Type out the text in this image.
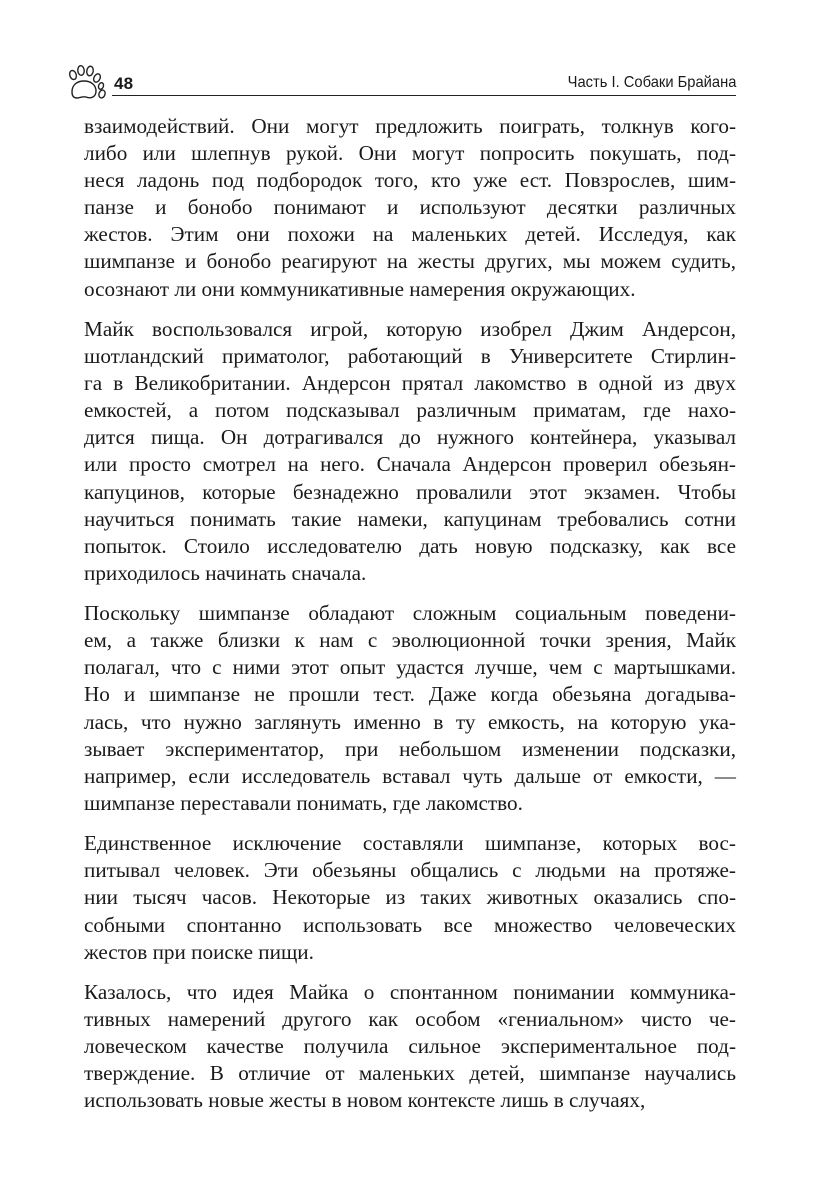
48	Часть I. Собаки Брайана

взаимодействий. Они могут предложить поиграть, толкнув кого-
либо или шлепнув рукой. Они могут попросить покушать, под-
неся ладонь под подбородок того, кто уже ест. Повзрослев, шим-
панзе и бонобо понимают и используют десятки различных
жестов. Этим они похожи на маленьких детей. Исследуя, как
шимпанзе и бонобо реагируют на жесты других, мы можем судить,
осознают ли они коммуникативные намерения окружающих.

Майк воспользовался игрой, которую изобрел Джим Андерсон,
шотландский приматолог, работающий в Университете Стирлин-
га в Великобритании. Андерсон прятал лакомство в одной из двух
емкостей, а потом подсказывал различным приматам, где нахо-
дится пища. Он дотрагивался до нужного контейнера, указывал
или просто смотрел на него. Сначала Андерсон проверил обезьян-
капуцинов, которые безнадежно провалили этот экзамен. Чтобы
научиться понимать такие намеки, капуцинам требовались сотни
попыток. Стоило исследователю дать новую подсказку, как все
приходилось начинать сначала.

Поскольку шимпанзе обладают сложным социальным поведени-
ем, а также близки к нам с эволюционной точки зрения, Майк
полагал, что с ними этот опыт удастся лучше, чем с мартышками.
Но и шимпанзе не прошли тест. Даже когда обезьяна догадыва-
лась, что нужно заглянуть именно в ту емкость, на которую ука-
зывает экспериментатор, при небольшом изменении подсказки,
например, если исследователь вставал чуть дальше от емкости, —
шимпанзе переставали понимать, где лакомство.

Единственное исключение составляли шимпанзе, которых вос-
питывал человек. Эти обезьяны общались с людьми на протяже-
нии тысяч часов. Некоторые из таких животных оказались спо-
собными спонтанно использовать все множество человеческих
жестов при поиске пищи.

Казалось, что идея Майка о спонтанном понимании коммуника-
тивных намерений другого как особом «гениальном» чисто че-
ловеческом качестве получила сильное экспериментальное под-
тверждение. В отличие от маленьких детей, шимпанзе научались
использовать новые жесты в новом контексте лишь в случаях,
